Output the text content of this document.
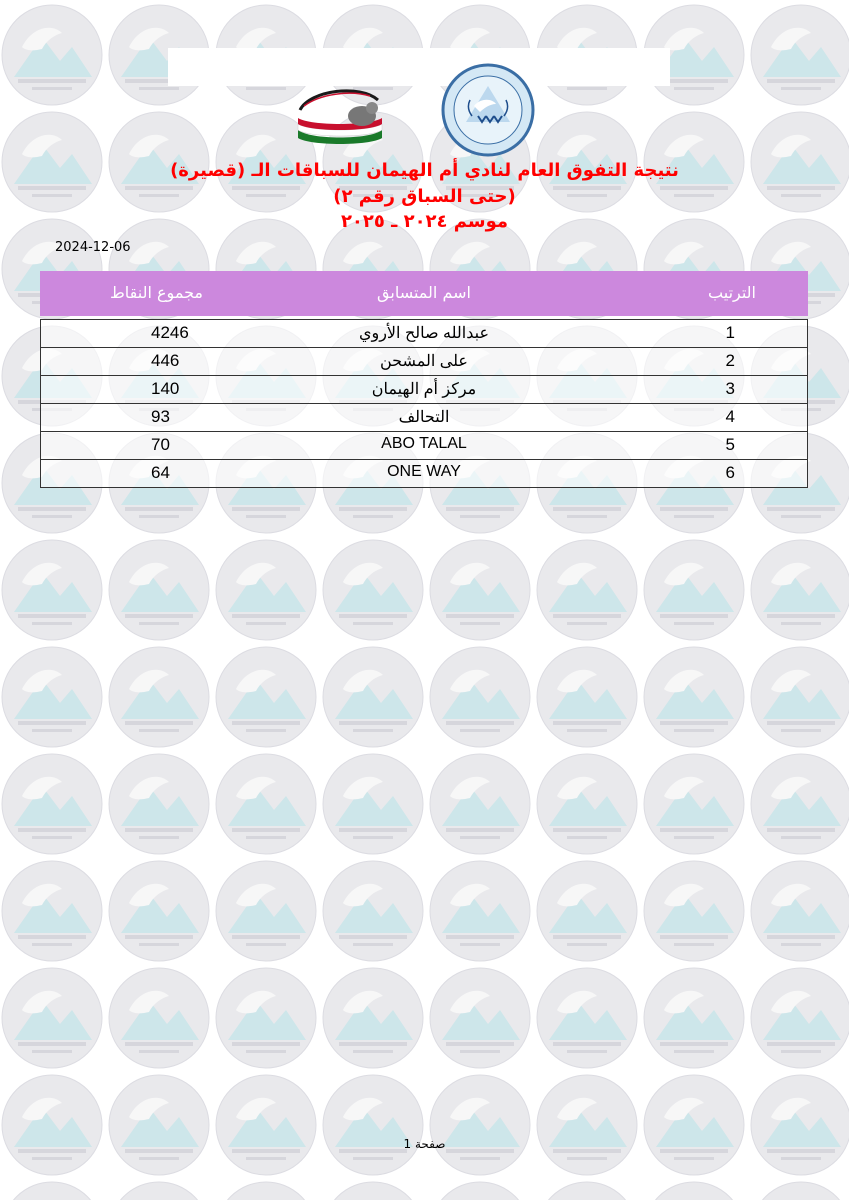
نتيجة التفوق العام لنادي أم الهيمان للسباقات الـ (قصيرة)
(حتى السباق رقم ٢)
موسم ٢٠٢٤ ـ ٢٠٢٥
2024-12-06
الترتيب
اسم المتسابق
مجموع النقاط
1
عبدالله صالح الأروي
4246
2
على المشحن
446
3
مركز أم الهيمان
140
4
التحالف
93
5
ABO TALAL
70
6
ONE WAY
64
صفحة 1
